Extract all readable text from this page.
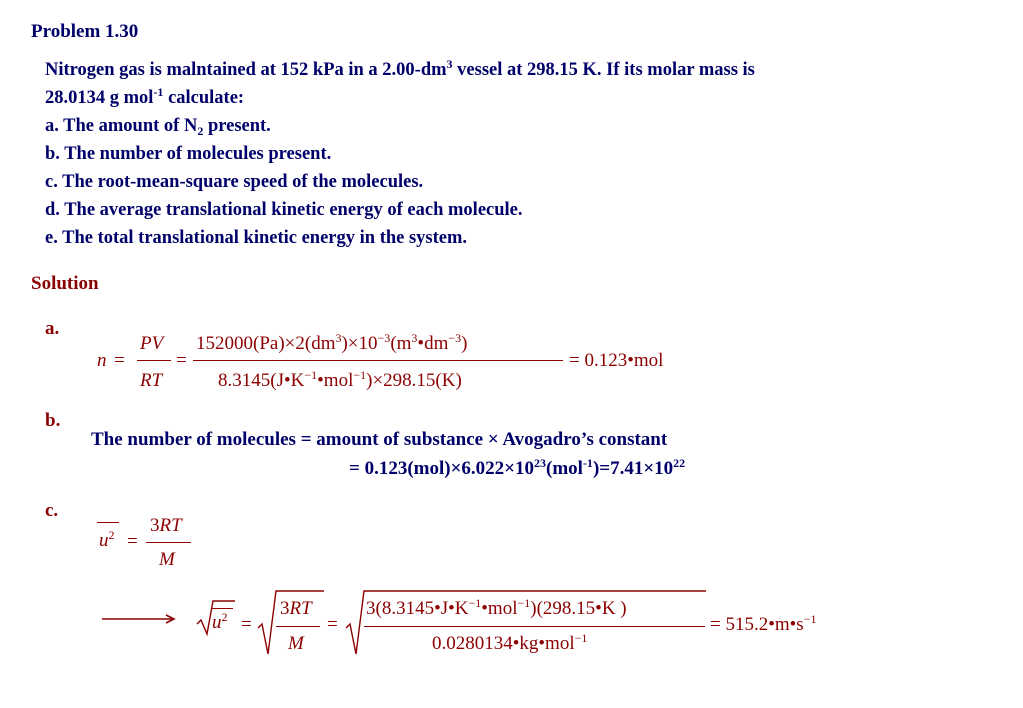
Problem 1.30
Nitrogen gas is malntained at 152 kPa in a $2.00-dm^3$ vessel at 298.15 K. If its molar mass is
28.0134 g mol$^{-1}$ calculate:
a. The amount of $N_2$ present.
b. The number of molecules present.
c. The root-mean-square speed of the molecules.
d. The average translational kinetic energy of each molecule.
e. The total translational kinetic energy in the system.
Solution
a.
n =
PV
RT
=
$152000(Pa)\times 2(dm^3)\times 10^{-3}(m^3•dm^{-3})$
$8.3145(J•K^{-1}•mol^{-1})\times 298.15(K)$
= 0.123•mol
b.
The number of molecules = amount of substance × Avogadro’s constant
= $0.123(mol)\times 6.022\times 10^{23}(mol^{-1})=7.41\times 10^{22}$
c.
$u^2$ =
3RT
M
$u^2$ =
3RT
M
=
$3(8.3145•J•K^{-1}•mol^{-1})(298.15•K$ )
0.0280134•kg•mol$^{-1}$
= $515.2•m•s^{-1}$
